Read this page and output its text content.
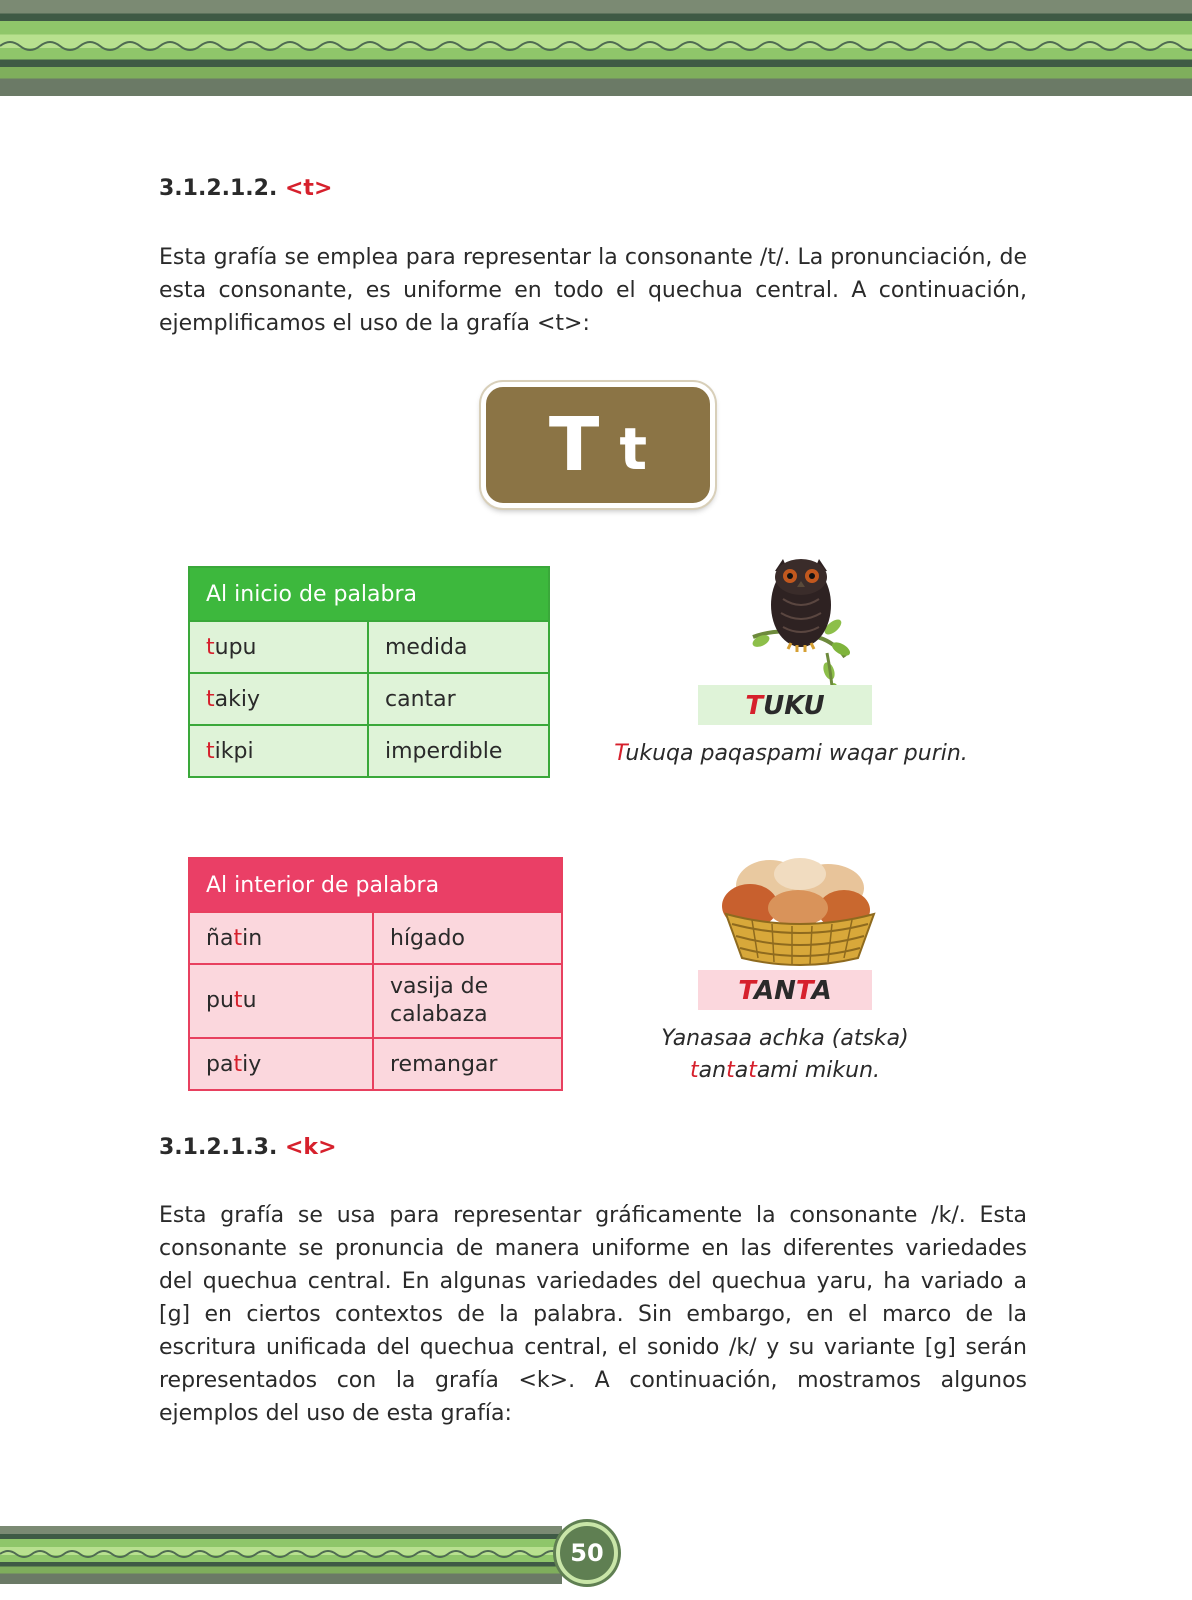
3.1.2.1.2. <t>
Esta grafía se emplea para representar la consonante /t/. La pronunciación, de esta consonante, es uniforme en todo el quechua central. A continuación, ejemplificamos el uso de la grafía <t>:
T t
Al inicio de palabra	
tupu	medida
takiy	cantar
tikpi	imperdible
TUKU
Tukuqa paqaspami waqar purin.
Al interior de palabra	
ñatin	hígado
putu	vasija de calabaza
patiy	remangar
TANTA
Yanasaa achka (atska)
tantatami mikun.
3.1.2.1.3. <k>
Esta grafía se usa para representar gráficamente la consonante /k/. Esta consonante se pronuncia de manera uniforme en las diferentes variedades del quechua central. En algunas variedades del quechua yaru, ha variado a [g] en ciertos contextos de la palabra. Sin embargo, en el marco de la escritura unificada del quechua central, el sonido /k/ y su variante [g] serán representados con la grafía <k>. A continuación, mostramos algunos ejemplos del uso de esta grafía:
50
